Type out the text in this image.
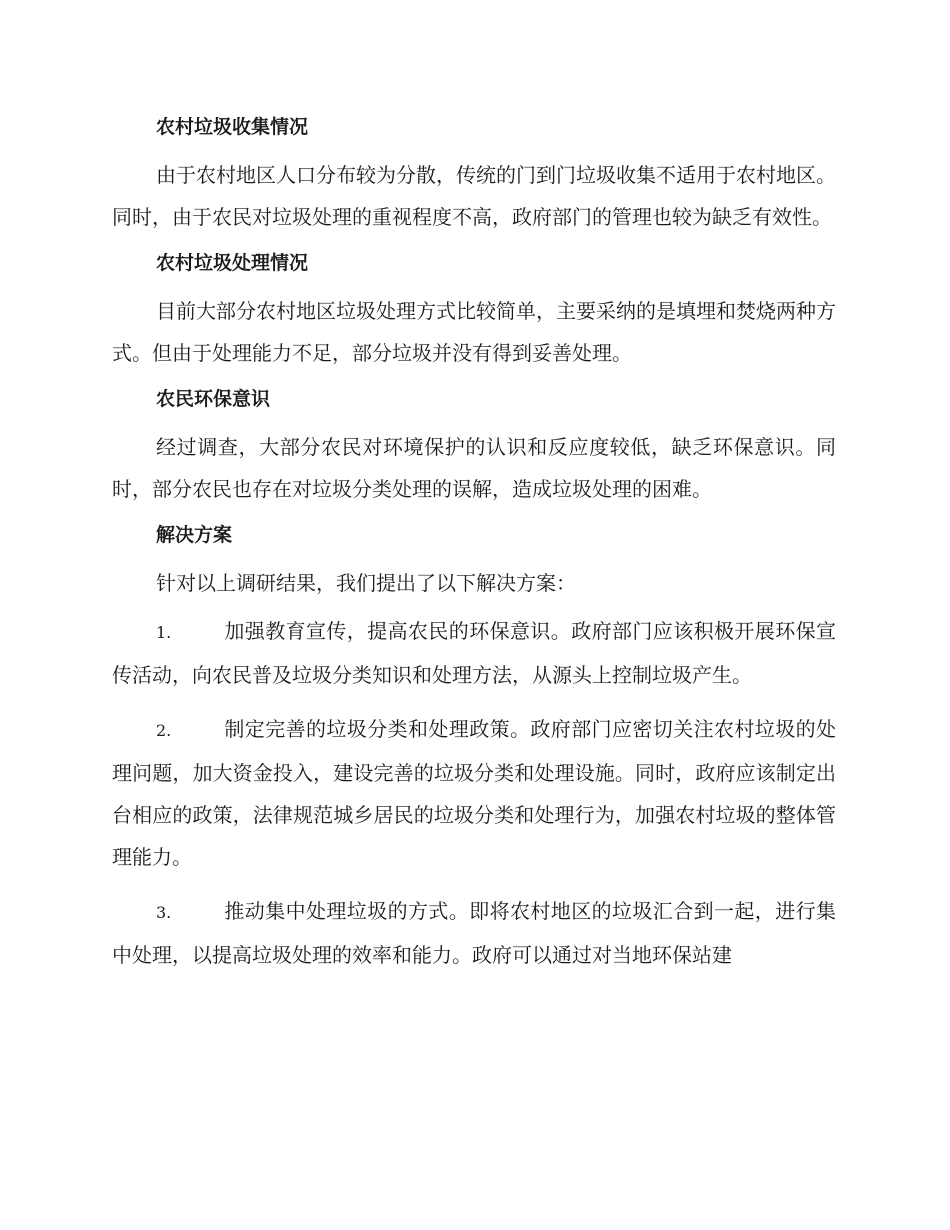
农村垃圾收集情况
由于农村地区人口分布较为分散，传统的门到门垃圾收集不适用于农村地区。同时，由于农民对垃圾处理的重视程度不高，政府部门的管理也较为缺乏有效性。
农村垃圾处理情况
目前大部分农村地区垃圾处理方式比较简单，主要采纳的是填埋和焚烧两种方式。但由于处理能力不足，部分垃圾并没有得到妥善处理。
农民环保意识
经过调查，大部分农民对环境保护的认识和反应度较低，缺乏环保意识。同时，部分农民也存在对垃圾分类处理的误解，造成垃圾处理的困难。
解决方案
针对以上调研结果，我们提出了以下解决方案：
1.	加强教育宣传，提高农民的环保意识。政府部门应该积极开展环保宣传活动，向农民普及垃圾分类知识和处理方法，从源头上控制垃圾产生。
2.	制定完善的垃圾分类和处理政策。政府部门应密切关注农村垃圾的处理问题，加大资金投入，建设完善的垃圾分类和处理设施。同时，政府应该制定出台相应的政策，法律规范城乡居民的垃圾分类和处理行为，加强农村垃圾的整体管理能力。
3.	推动集中处理垃圾的方式。即将农村地区的垃圾汇合到一起，进行集中处理，以提高垃圾处理的效率和能力。政府可以通过对当地环保站建
